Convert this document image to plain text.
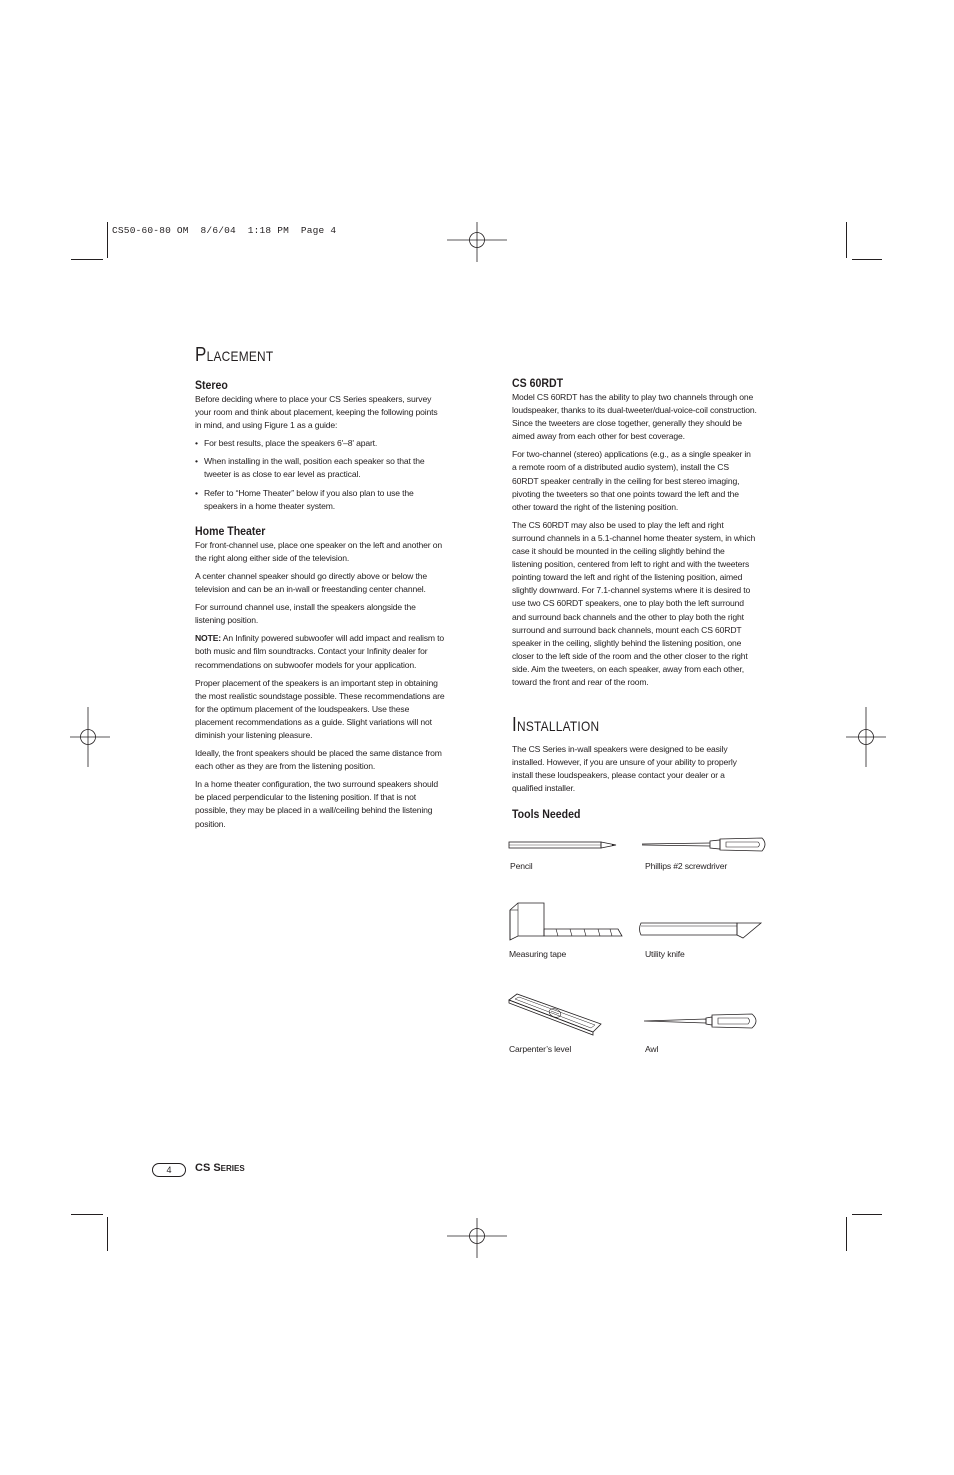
CS50-60-80 OM  8/6/04  1:18 PM  Page 4
Placement
Stereo

Before deciding where to place your CS Series speakers, survey your room and think about placement, keeping the following points in mind, and using Figure 1 as a guide:

• For best results, place the speakers 6'–8' apart.

• When installing in the wall, position each speaker so that the tweeter is as close to ear level as practical.

• Refer to “Home Theater” below if you also plan to use the speakers in a home theater system.

Home Theater

For front-channel use, place one speaker on the left and another on the right along either side of the television.

A center channel speaker should go directly above or below the television and can be an in-wall or freestanding center channel.

For surround channel use, install the speakers alongside the listening position.

NOTE: An Infinity powered subwoofer will add impact and realism to both music and film soundtracks. Contact your Infinity dealer for recommendations on subwoofer models for your application.

Proper placement of the speakers is an important step in obtaining the most realistic soundstage possible. These recommendations are for the optimum placement of the loudspeakers. Use these placement recommendations as a guide. Slight variations will not diminish your listening pleasure.

Ideally, the front speakers should be placed the same distance from each other as they are from the listening position.

In a home theater configuration, the two surround speakers should be placed perpendicular to the listening position. If that is not possible, they may be placed in a wall/ceiling behind the listening position.

CS 60RDT

Model CS 60RDT has the ability to play two channels through one loudspeaker, thanks to its dual-tweeter/dual-voice-coil construction. Since the tweeters are close together, generally they should be aimed away from each other for best coverage.

For two-channel (stereo) applications (e.g., as a single speaker in a remote room of a distributed audio system), install the CS 60RDT speaker centrally in the ceiling for best stereo imaging, pivoting the tweeters so that one points toward the left and the other toward the right of the listening position.

The CS 60RDT may also be used to play the left and right surround channels in a 5.1-channel home theater system, in which case it should be mounted in the ceiling slightly behind the listening position, centered from left to right and with the tweeters pointing toward the left and right of the listening position, aimed slightly downward. For 7.1-channel systems where it is desired to use two CS 60RDT speakers, one to play both the left surround and surround back channels and the other to play both the right surround and surround back channels, mount each CS 60RDT speaker in the ceiling, slightly behind the listening position, one closer to the left side of the room and the other closer to the right side. Aim the tweeters, on each speaker, away from each other, toward the front and rear of the room.

Installation

The CS Series in-wall speakers were designed to be easily installed. However, if you are unsure of your ability to properly install these loudspeakers, please contact your dealer or a qualified installer.

Tools Needed
Pencil	Phillips #2 screwdriver
Measuring tape	Utility knife
Carpenter’s level	Awl
4	CS Series
